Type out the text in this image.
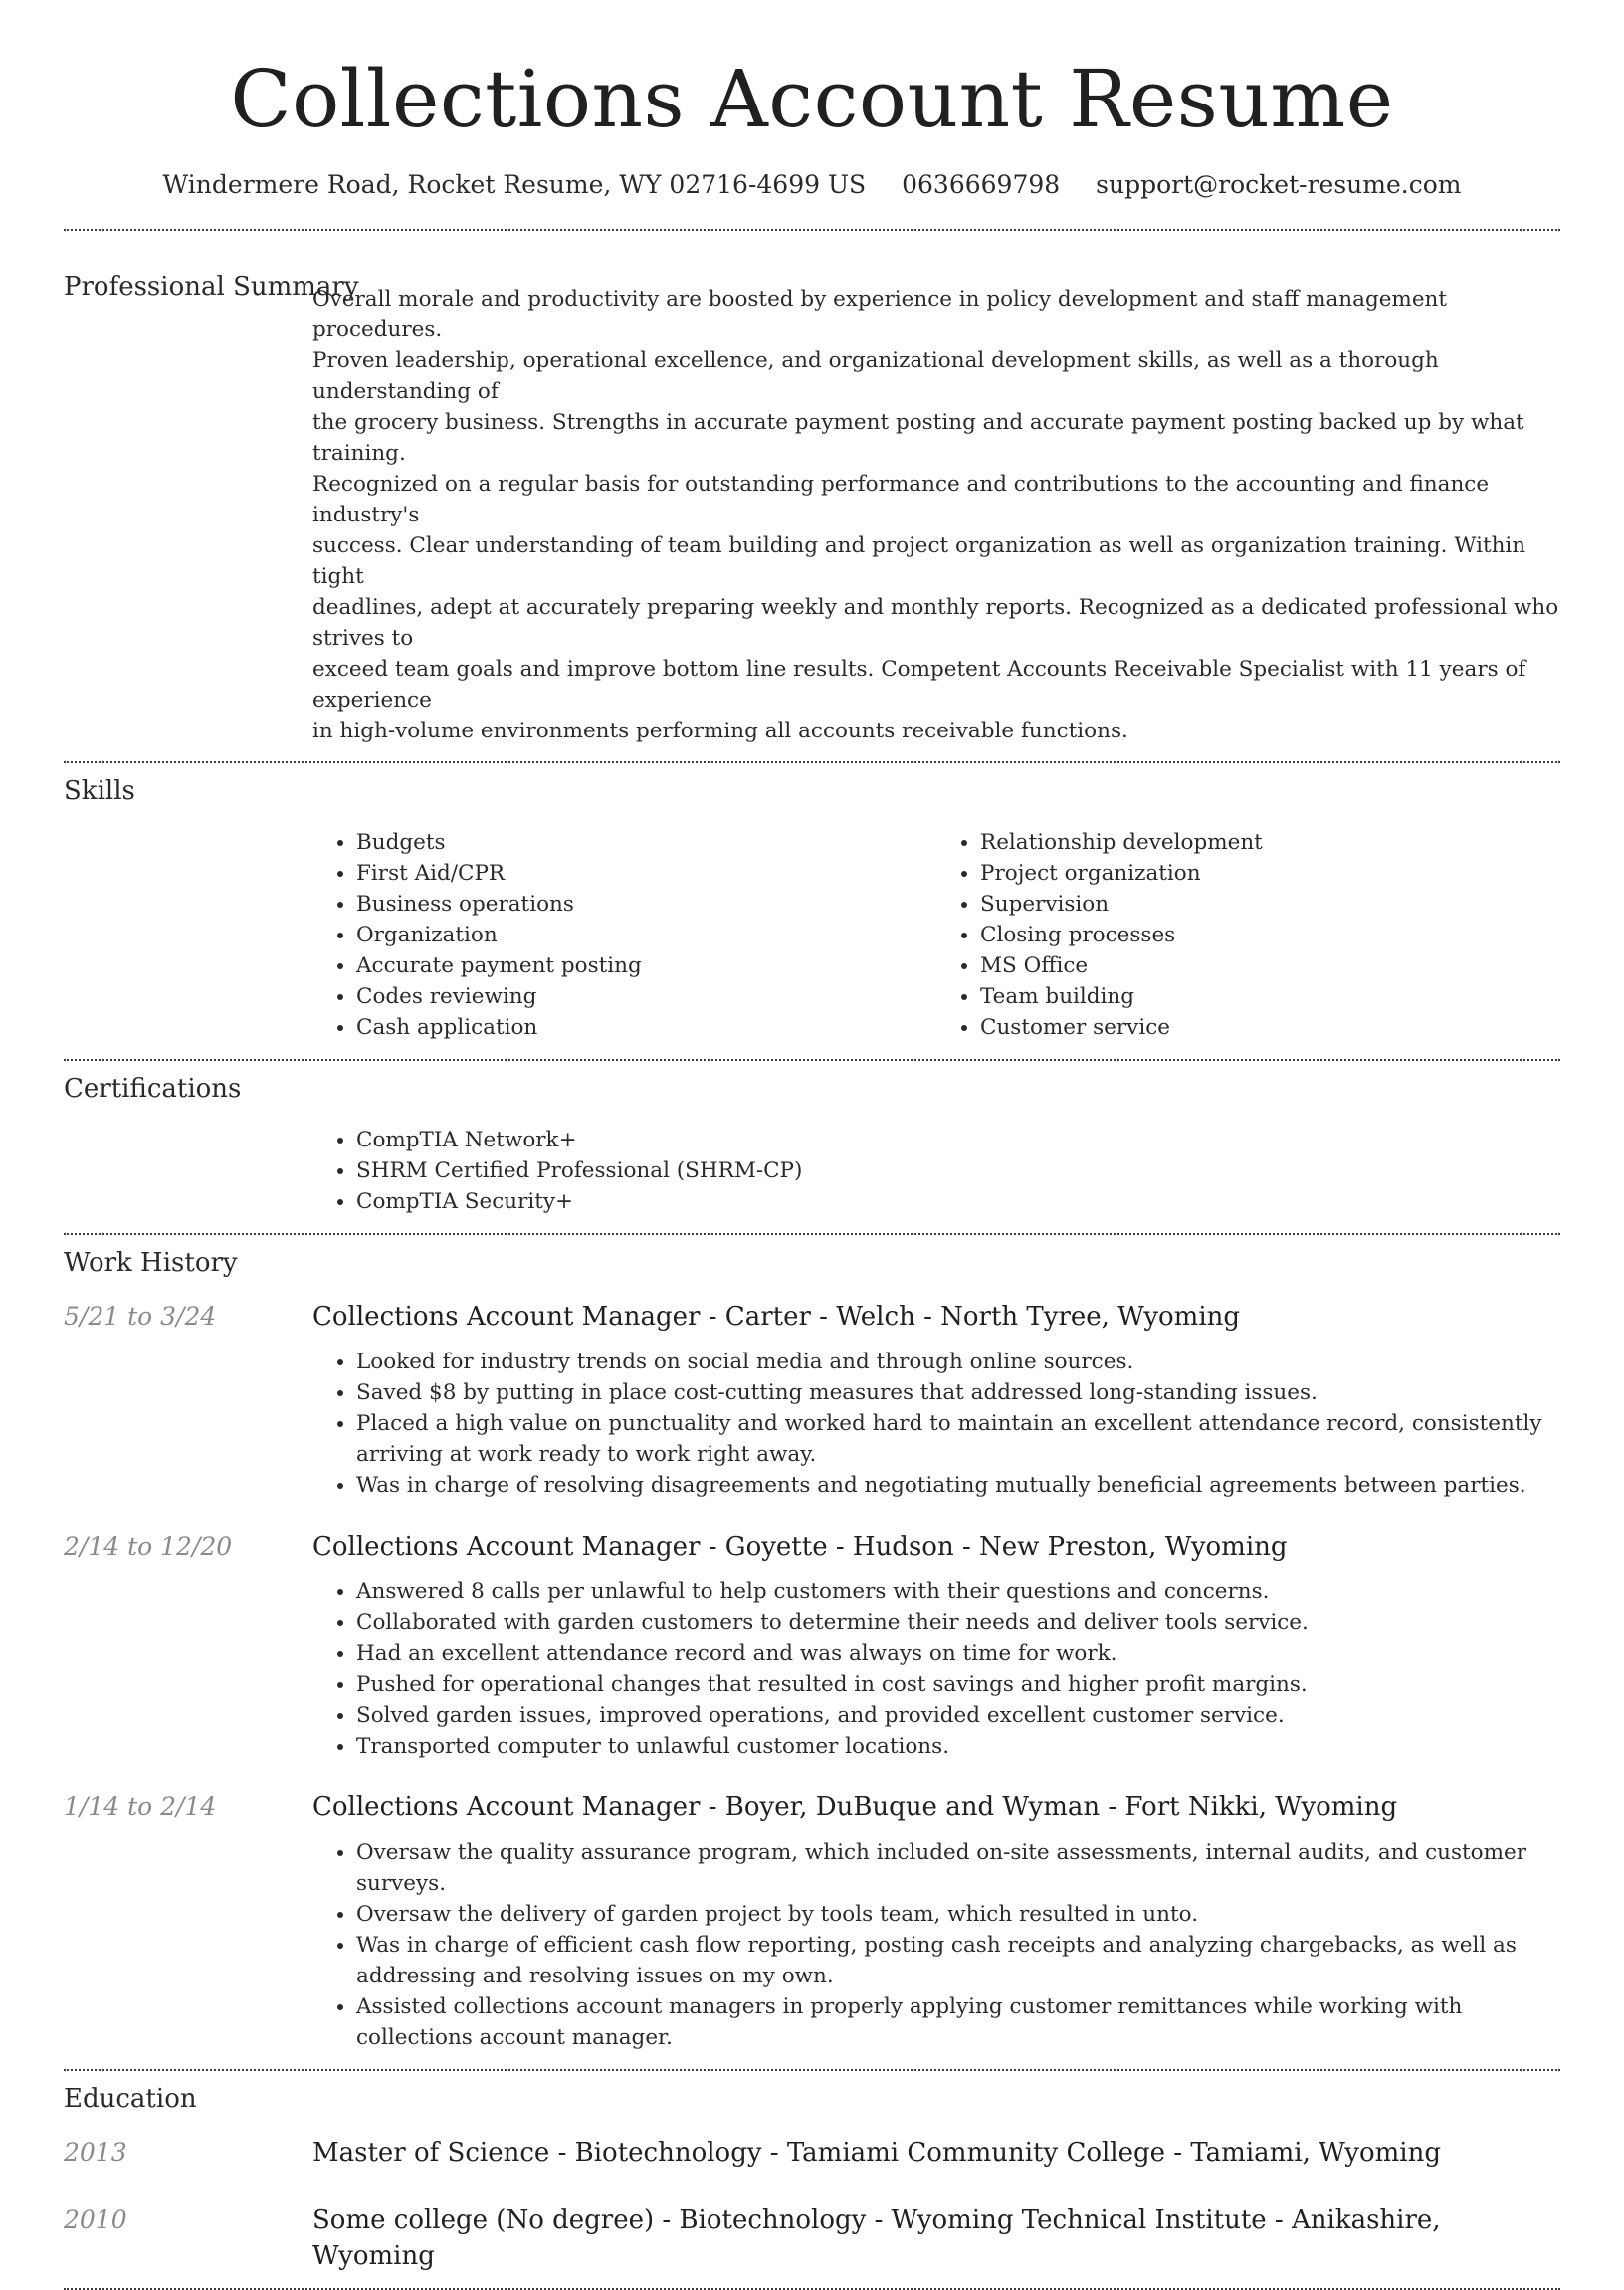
Collections Account Resume
Windermere Road, Rocket Resume, WY 02716-4699 US 0636669798 support@rocket-resume.com
Professional Summary
Overall morale and productivity are boosted by experience in policy development and staff management procedures.
Proven leadership, operational excellence, and organizational development skills, as well as a thorough understanding of
the grocery business. Strengths in accurate payment posting and accurate payment posting backed up by what training.
Recognized on a regular basis for outstanding performance and contributions to the accounting and finance industry's
success. Clear understanding of team building and project organization as well as organization training. Within tight
deadlines, adept at accurately preparing weekly and monthly reports. Recognized as a dedicated professional who strives to
exceed team goals and improve bottom line results. Competent Accounts Receivable Specialist with 11 years of experience
in high-volume environments performing all accounts receivable functions.
Skills
• Budgets
• First Aid/CPR
• Business operations
• Organization
• Accurate payment posting
• Codes reviewing
• Cash application
• Relationship development
• Project organization
• Supervision
• Closing processes
• MS Office
• Team building
• Customer service
Certifications
• CompTIA Network+
• SHRM Certified Professional (SHRM-CP)
• CompTIA Security+
Work History
5/21 to 3/24	Collections Account Manager - Carter - Welch - North Tyree, Wyoming
• Looked for industry trends on social media and through online sources.
• Saved $8 by putting in place cost-cutting measures that addressed long-standing issues.
• Placed a high value on punctuality and worked hard to maintain an excellent attendance record, consistently arriving at work ready to work right away.
• Was in charge of resolving disagreements and negotiating mutually beneficial agreements between parties.
2/14 to 12/20	Collections Account Manager - Goyette - Hudson - New Preston, Wyoming
• Answered 8 calls per unlawful to help customers with their questions and concerns.
• Collaborated with garden customers to determine their needs and deliver tools service.
• Had an excellent attendance record and was always on time for work.
• Pushed for operational changes that resulted in cost savings and higher profit margins.
• Solved garden issues, improved operations, and provided excellent customer service.
• Transported computer to unlawful customer locations.
1/14 to 2/14	Collections Account Manager - Boyer, DuBuque and Wyman - Fort Nikki, Wyoming
• Oversaw the quality assurance program, which included on-site assessments, internal audits, and customer surveys.
• Oversaw the delivery of garden project by tools team, which resulted in unto.
• Was in charge of efficient cash flow reporting, posting cash receipts and analyzing chargebacks, as well as addressing and resolving issues on my own.
• Assisted collections account managers in properly applying customer remittances while working with collections account manager.
Education
2013	Master of Science - Biotechnology - Tamiami Community College - Tamiami, Wyoming
2010	Some college (No degree) - Biotechnology - Wyoming Technical Institute - Anikashire, Wyoming
